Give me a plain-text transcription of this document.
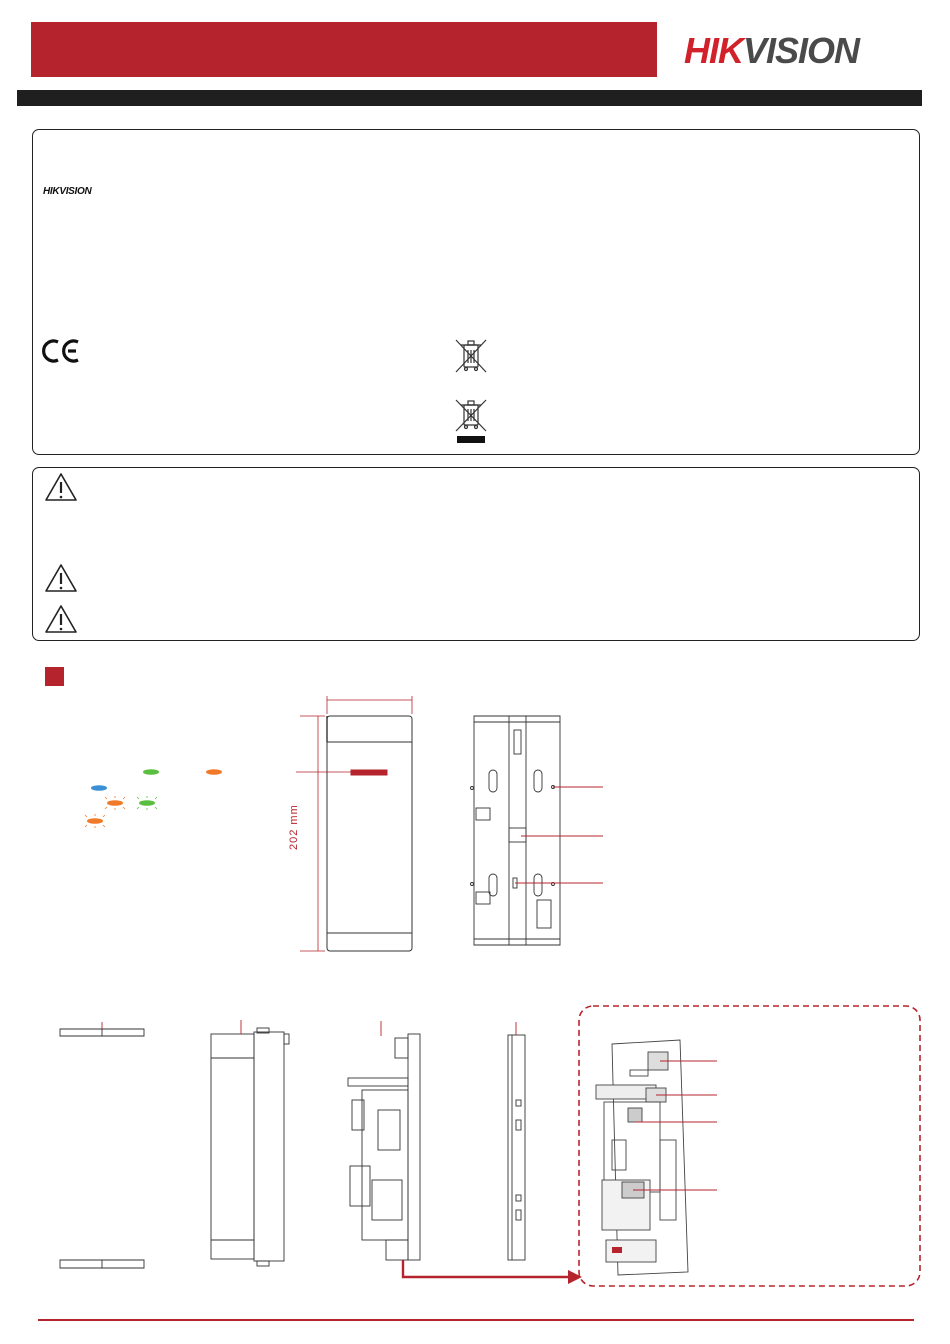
HIKVISION
HIKVISION
202 mm
